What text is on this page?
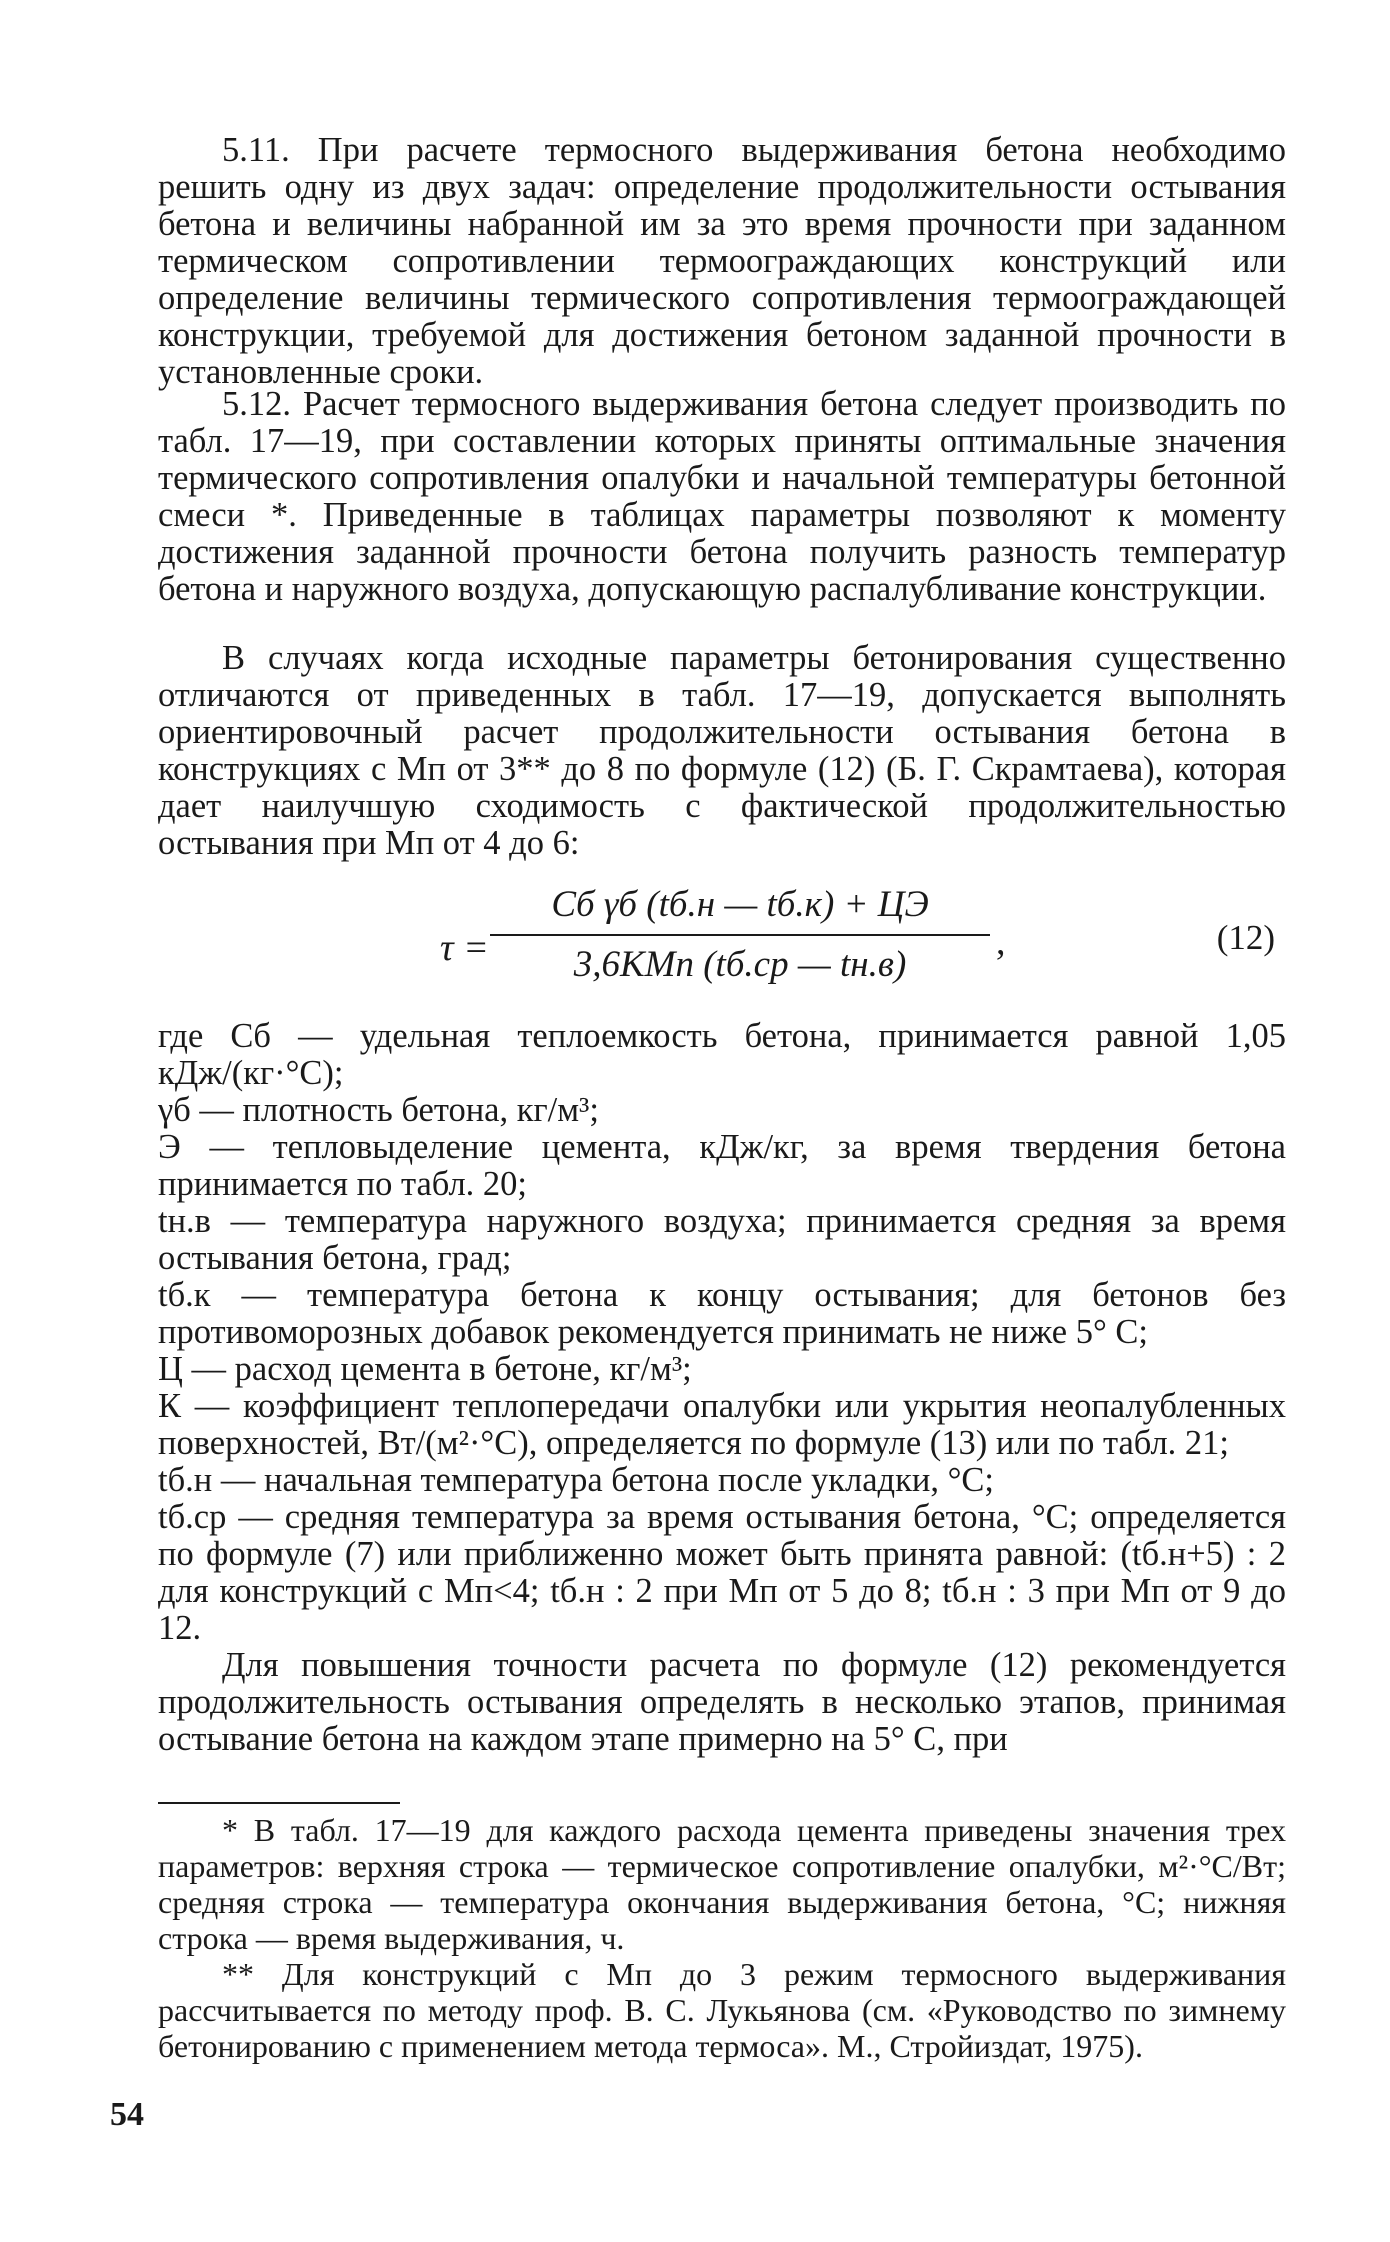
5.11. При расчете термосного выдерживания бетона необходимо решить одну из двух задач: определение продолжительности остывания бетона и величины набранной им за это время прочности при заданном термическом сопротивлении термоограждающих конструкций или определение величины термического сопротивления термоограждающей конструкции, требуемой для достижения бетоном заданной прочности в установленные сроки.

5.12. Расчет термосного выдерживания бетона следует производить по табл. 17—19, при составлении которых приняты оптимальные значения термического сопротивления опалубки и начальной температуры бетонной смеси *. Приведенные в таблицах параметры позволяют к моменту достижения заданной прочности бетона получить разность температур бетона и наружного воздуха, допускающую распалубливание конструкции.

В случаях когда исходные параметры бетонирования существенно отличаются от приведенных в табл. 17—19, допускается выполнять ориентировочный расчет продолжительности остывания бетона в конструкциях с Мп от 3** до 8 по формуле (12) (Б. Г. Скрамтаева), которая дает наилучшую сходимость с фактической продолжительностью остывания при Мп от 4 до 6:

τ =
Cб γб (tб.н — tб.к) + ЦЭ
3,6KMп (tб.ср — tн.в)
,	(12)

где Cб — удельная теплоемкость бетона, принимается равной 1,05 кДж/(кг·°С);

γб — плотность бетона, кг/м³;

Э — тепловыделение цемента, кДж/кг, за время твердения бетона принимается по табл. 20;

tн.в — температура наружного воздуха; принимается средняя за время остывания бетона, град;

tб.к — температура бетона к концу остывания; для бетонов без противоморозных добавок рекомендуется принимать не ниже 5° С;

Ц — расход цемента в бетоне, кг/м³;

К — коэффициент теплопередачи опалубки или укрытия неопалубленных поверхностей, Вт/(м²·°С), определяется по формуле (13) или по табл. 21;

tб.н — начальная температура бетона после укладки, °С;

tб.ср — средняя температура за время остывания бетона, °С; определяется по формуле (7) или приближенно может быть принята равной: (tб.н+5) : 2 для конструкций с Мп<4; tб.н : 2 при Мп от 5 до 8; tб.н : 3 при Мп от 9 до 12.

Для повышения точности расчета по формуле (12) рекомендуется продолжительность остывания определять в несколько этапов, принимая остывание бетона на каждом этапе примерно на 5° С, при

* В табл. 17—19 для каждого расхода цемента приведены значения трех параметров: верхняя строка — термическое сопротивление опалубки, м²·°С/Вт; средняя строка — температура окончания выдерживания бетона, °С; нижняя строка — время выдерживания, ч.

** Для конструкций с Мп до 3 режим термосного выдерживания рассчитывается по методу проф. В. С. Лукьянова (см. «Руководство по зимнему бетонированию с применением метода термоса». М., Стройиздат, 1975).

54
